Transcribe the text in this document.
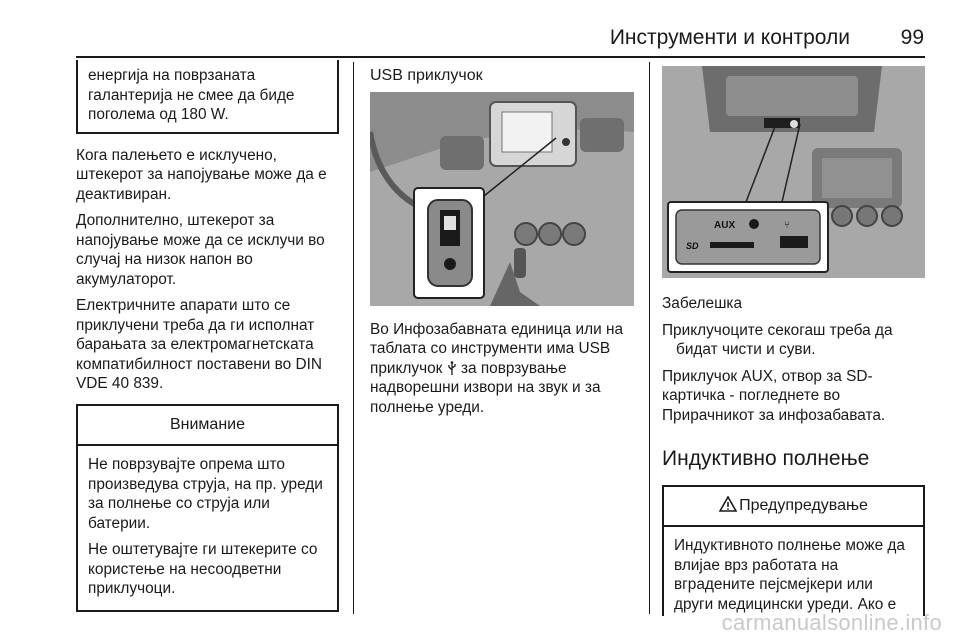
Инструменти и контроли 99
енергија на поврзаната галантерија не смее да биде поголема од 180 W.

Кога палењето е исклучено, штекерот за напојување може да е деактивиран.

Дополнително, штекерот за напојување може да се исклучи во случај на низок напон во акумулаторот.

Електричните апарати што се приклучени треба да ги исполнат барањата за електромагнетската компатибилност поставени во DIN VDE 40 839.

Внимание

Не поврзувајте опрема што произведува струја, на пр. уреди за полнење со струја или батерии.

Не оштетувајте ги штекерите со користење на несоодветни приклучоци.

USB приклучок

Во Инфозабавната единица или на таблата со инструменти има USB приклучок за поврзување надворешни извори на звук и за полнење уреди.

AUX	⑂
SD

Забелешка

Приклучоците секогаш треба да бидат чисти и суви.

Приклучок AUX, отвор за SD-картичка - погледнете во Прирачникот за инфозабавата.

Индуктивно полнење
Предупредување

Индуктивното полнење може да влијае врз работата на вградените пејсмејкери или други медицински уреди. Ако е

carmanualsonline.info
